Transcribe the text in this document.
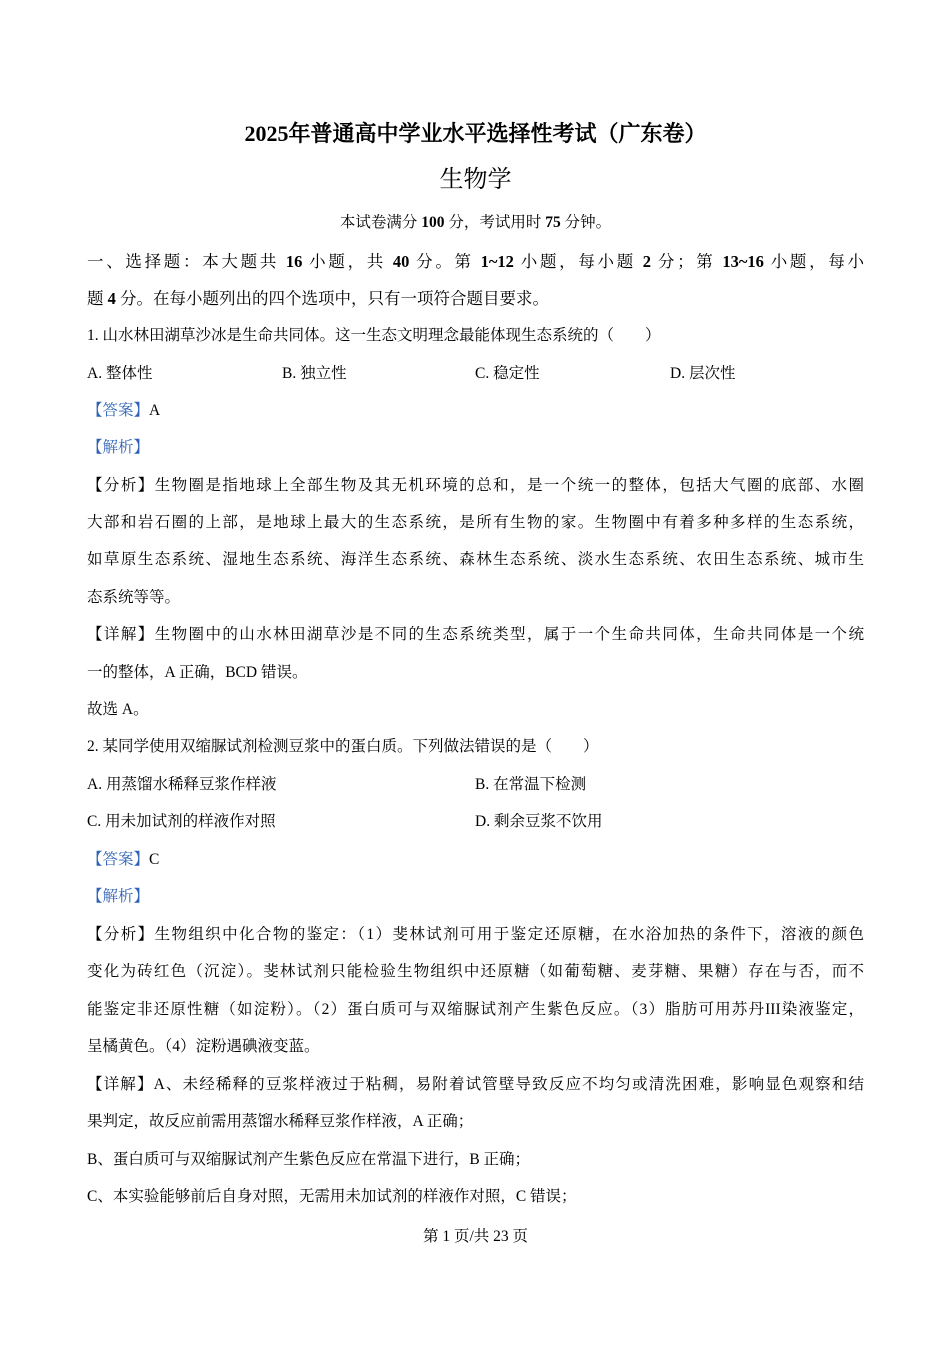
2025年普通高中学业水平选择性考试（广东卷）
生物学
本试卷满分 100 分，考试用时 75 分钟。
一、选择题：本大题共 16 小题，共 40 分。第 1~12 小题，每小题 2 分；第 13~16 小题，每小
题 4 分。在每小题列出的四个选项中，只有一项符合题目要求。
1. 山水林田湖草沙冰是生命共同体。这一生态文明理念最能体现生态系统的（　　）
A. 整体性	B. 独立性	C. 稳定性	D. 层次性
【答案】A
【解析】
【分析】生物圈是指地球上全部生物及其无机环境的总和，是一个统一的整体，包括大气圈的底部、水圈
大部和岩石圈的上部，是地球上最大的生态系统，是所有生物的家。生物圈中有着多种多样的生态系统，
如草原生态系统、湿地生态系统、海洋生态系统、森林生态系统、淡水生态系统、农田生态系统、城市生
态系统等等。
【详解】生物圈中的山水林田湖草沙是不同的生态系统类型，属于一个生命共同体，生命共同体是一个统
一的整体，A 正确，BCD 错误。
故选 A。
2. 某同学使用双缩脲试剂检测豆浆中的蛋白质。下列做法错误的是（　　）
A. 用蒸馏水稀释豆浆作样液	B. 在常温下检测
C. 用未加试剂的样液作对照	D. 剩余豆浆不饮用
【答案】C
【解析】
【分析】生物组织中化合物的鉴定：（1）斐林试剂可用于鉴定还原糖，在水浴加热的条件下，溶液的颜色
变化为砖红色（沉淀）。斐林试剂只能检验生物组织中还原糖（如葡萄糖、麦芽糖、果糖）存在与否，而不
能鉴定非还原性糖（如淀粉）。（2）蛋白质可与双缩脲试剂产生紫色反应。（3）脂肪可用苏丹III染液鉴定，
呈橘黄色。（4）淀粉遇碘液变蓝。
【详解】A、未经稀释的豆浆样液过于粘稠，易附着试管壁导致反应不均匀或清洗困难，影响显色观察和结
果判定，故反应前需用蒸馏水稀释豆浆作样液，A 正确；
B、蛋白质可与双缩脲试剂产生紫色反应在常温下进行，B 正确；
C、本实验能够前后自身对照，无需用未加试剂的样液作对照，C 错误；
第 1 页/共 23 页
